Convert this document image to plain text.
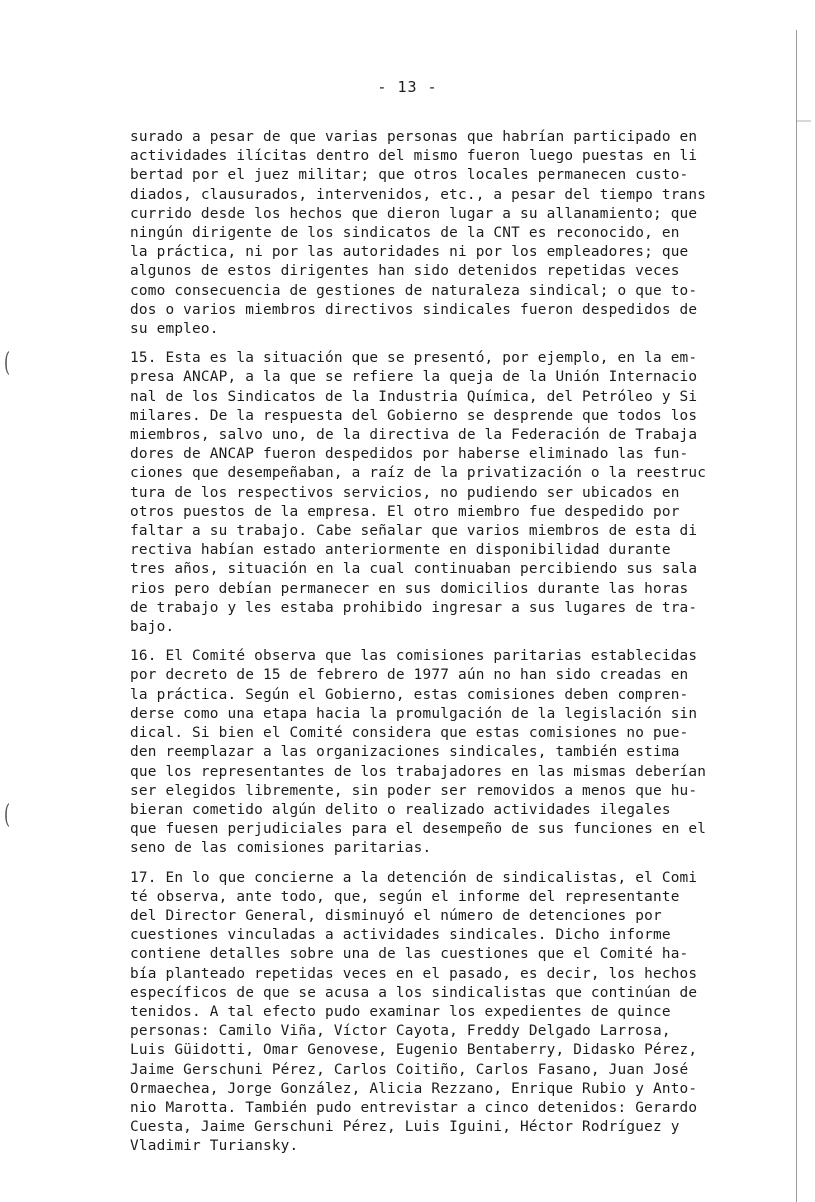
- 13 -
(
(
surado a pesar de que varias personas que habrían participado en
actividades ilícitas dentro del mismo fueron luego puestas en li
bertad por el juez militar; que otros locales permanecen custo-
diados, clausurados, intervenidos, etc., a pesar del tiempo trans
currido desde los hechos que dieron lugar a su allanamiento; que
ningún dirigente de los sindicatos de la CNT es reconocido, en
la práctica, ni por las autoridades ni por los empleadores; que
algunos de estos dirigentes han sido detenidos repetidas veces
como consecuencia de gestiones de naturaleza sindical; o que to-
dos o varios miembros directivos sindicales fueron despedidos de
su empleo.
15. Esta es la situación que se presentó, por ejemplo, en la em-
presa ANCAP, a la que se refiere la queja de la Unión Internacio
nal de los Sindicatos de la Industria Química, del Petróleo y Si
milares. De la respuesta del Gobierno se desprende que todos los
miembros, salvo uno, de la directiva de la Federación de Trabaja
dores de ANCAP fueron despedidos por haberse eliminado las fun-
ciones que desempeñaban, a raíz de la privatización o la reestruc
tura de los respectivos servicios, no pudiendo ser ubicados en
otros puestos de la empresa. El otro miembro fue despedido por
faltar a su trabajo. Cabe señalar que varios miembros de esta di
rectiva habían estado anteriormente en disponibilidad durante
tres años, situación en la cual continuaban percibiendo sus sala
rios pero debían permanecer en sus domicilios durante las horas
de trabajo y les estaba prohibido ingresar a sus lugares de tra-
bajo.
16. El Comité observa que las comisiones paritarias establecidas
por decreto de 15 de febrero de 1977 aún no han sido creadas en
la práctica. Según el Gobierno, estas comisiones deben compren-
derse como una etapa hacia la promulgación de la legislación sin
dical. Si bien el Comité considera que estas comisiones no pue-
den reemplazar a las organizaciones sindicales, también estima
que los representantes de los trabajadores en las mismas deberían
ser elegidos libremente, sin poder ser removidos a menos que hu-
bieran cometido algún delito o realizado actividades ilegales
que fuesen perjudiciales para el desempeño de sus funciones en el
seno de las comisiones paritarias.
17. En lo que concierne a la detención de sindicalistas, el Comi
té observa, ante todo, que, según el informe del representante
del Director General, disminuyó el número de detenciones por
cuestiones vinculadas a actividades sindicales. Dicho informe
contiene detalles sobre una de las cuestiones que el Comité ha-
bía planteado repetidas veces en el pasado, es decir, los hechos
específicos de que se acusa a los sindicalistas que continúan de
tenidos. A tal efecto pudo examinar los expedientes de quince
personas: Camilo Viña, Víctor Cayota, Freddy Delgado Larrosa,
Luis Güidotti, Omar Genovese, Eugenio Bentaberry, Didasko Pérez,
Jaime Gerschuni Pérez, Carlos Coitiño, Carlos Fasano, Juan José
Ormaechea, Jorge González, Alicia Rezzano, Enrique Rubio y Anto-
nio Marotta. También pudo entrevistar a cinco detenidos: Gerardo
Cuesta, Jaime Gerschuni Pérez, Luis Iguini, Héctor Rodríguez y
Vladimir Turiansky.
